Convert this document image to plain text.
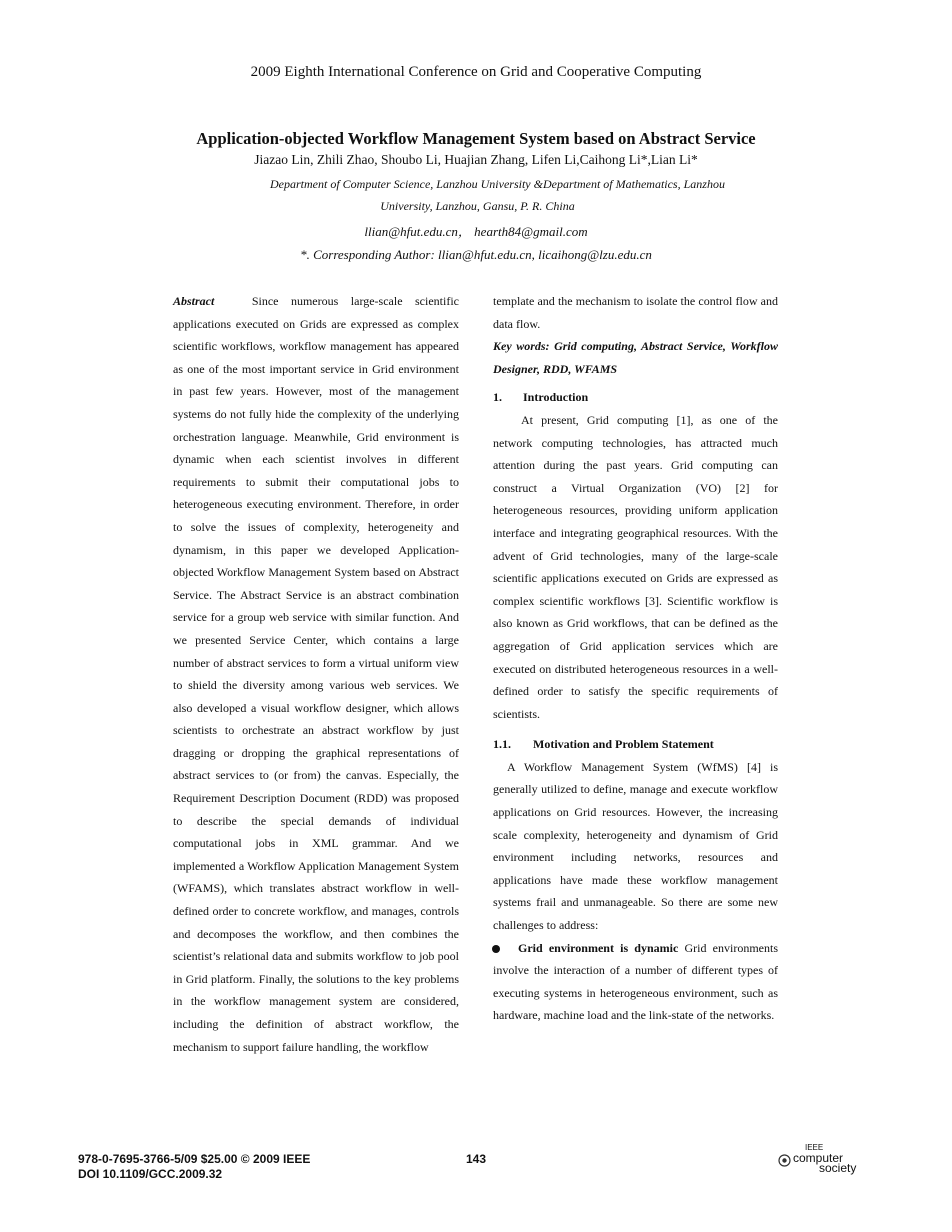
2009 Eighth International Conference on Grid and Cooperative Computing
Application-objected Workflow Management System based on Abstract Service
Jiazao Lin, Zhili Zhao, Shoubo Li, Huajian Zhang, Lifen Li,Caihong Li*,Lian Li*
Department of Computer Science, Lanzhou University &Department of Mathematics, Lanzhou
University, Lanzhou, Gansu, P. R. China
llian@hfut.edu.cn， hearth84@gmail.com
*. Corresponding Author: llian@hfut.edu.cn, licaihong@lzu.edu.cn
Abstract	Since numerous large-scale scientific applications executed on Grids are expressed as complex scientific workflows, workflow management has appeared as one of the most important service in Grid environment in past few years. However, most of the management systems do not fully hide the complexity of the underlying orchestration language. Meanwhile, Grid environment is dynamic when each scientist involves in different requirements to submit their computational jobs to heterogeneous executing environment. Therefore, in order to solve the issues of complexity, heterogeneity and dynamism, in this paper we developed Application- objected Workflow Management System based on Abstract Service. The Abstract Service is an abstract combination service for a group web service with similar function. And we presented Service Center, which contains a large number of abstract services to form a virtual uniform view to shield the diversity among various web services. We also developed a visual workflow designer, which allows scientists to orchestrate an abstract workflow by just dragging or dropping the graphical representations of abstract services to (or from) the canvas. Especially, the Requirement Description Document (RDD) was proposed to describe the special demands of individual computational jobs in XML grammar. And we implemented a Workflow Application Management System (WFAMS), which translates abstract workflow in well-defined order to concrete workflow, and manages, controls and decomposes the workflow, and then combines the scientist’s relational data and submits workflow to job pool in Grid platform. Finally, the solutions to the key problems in the workflow management system are considered, including the definition of abstract workflow, the mechanism to support failure handling, the workflow
template and the mechanism to isolate the control flow and data flow.
Key words: Grid computing, Abstract Service, Workflow Designer, RDD, WFAMS
1. Introduction
At present, Grid computing [1], as one of the network computing technologies, has attracted much attention during the past years. Grid computing can construct a Virtual Organization (VO) [2] for heterogeneous resources, providing uniform application interface and integrating geographical resources. With the advent of Grid technologies, many of the large-scale scientific applications executed on Grids are expressed as complex scientific workflows [3]. Scientific workflow is also known as Grid workflows, that can be defined as the aggregation of Grid application services which are executed on distributed heterogeneous resources in a well-defined order to satisfy the specific requirements of scientists.
1.1. Motivation and Problem Statement
A Workflow Management System (WfMS) [4] is generally utilized to define, manage and execute workflow applications on Grid resources. However, the increasing scale complexity, heterogeneity and dynamism of Grid environment including networks, resources and applications have made these workflow management systems frail and unmanageable. So there are some new challenges to address:
Grid environment is dynamic Grid environments involve the interaction of a number of different types of executing systems in heterogeneous environment, such as hardware, machine load and the link-state of the networks.
978-0-7695-3766-5/09 $25.00 © 2009 IEEE
DOI 10.1109/GCC.2009.32
143
IEEE
computer
society
